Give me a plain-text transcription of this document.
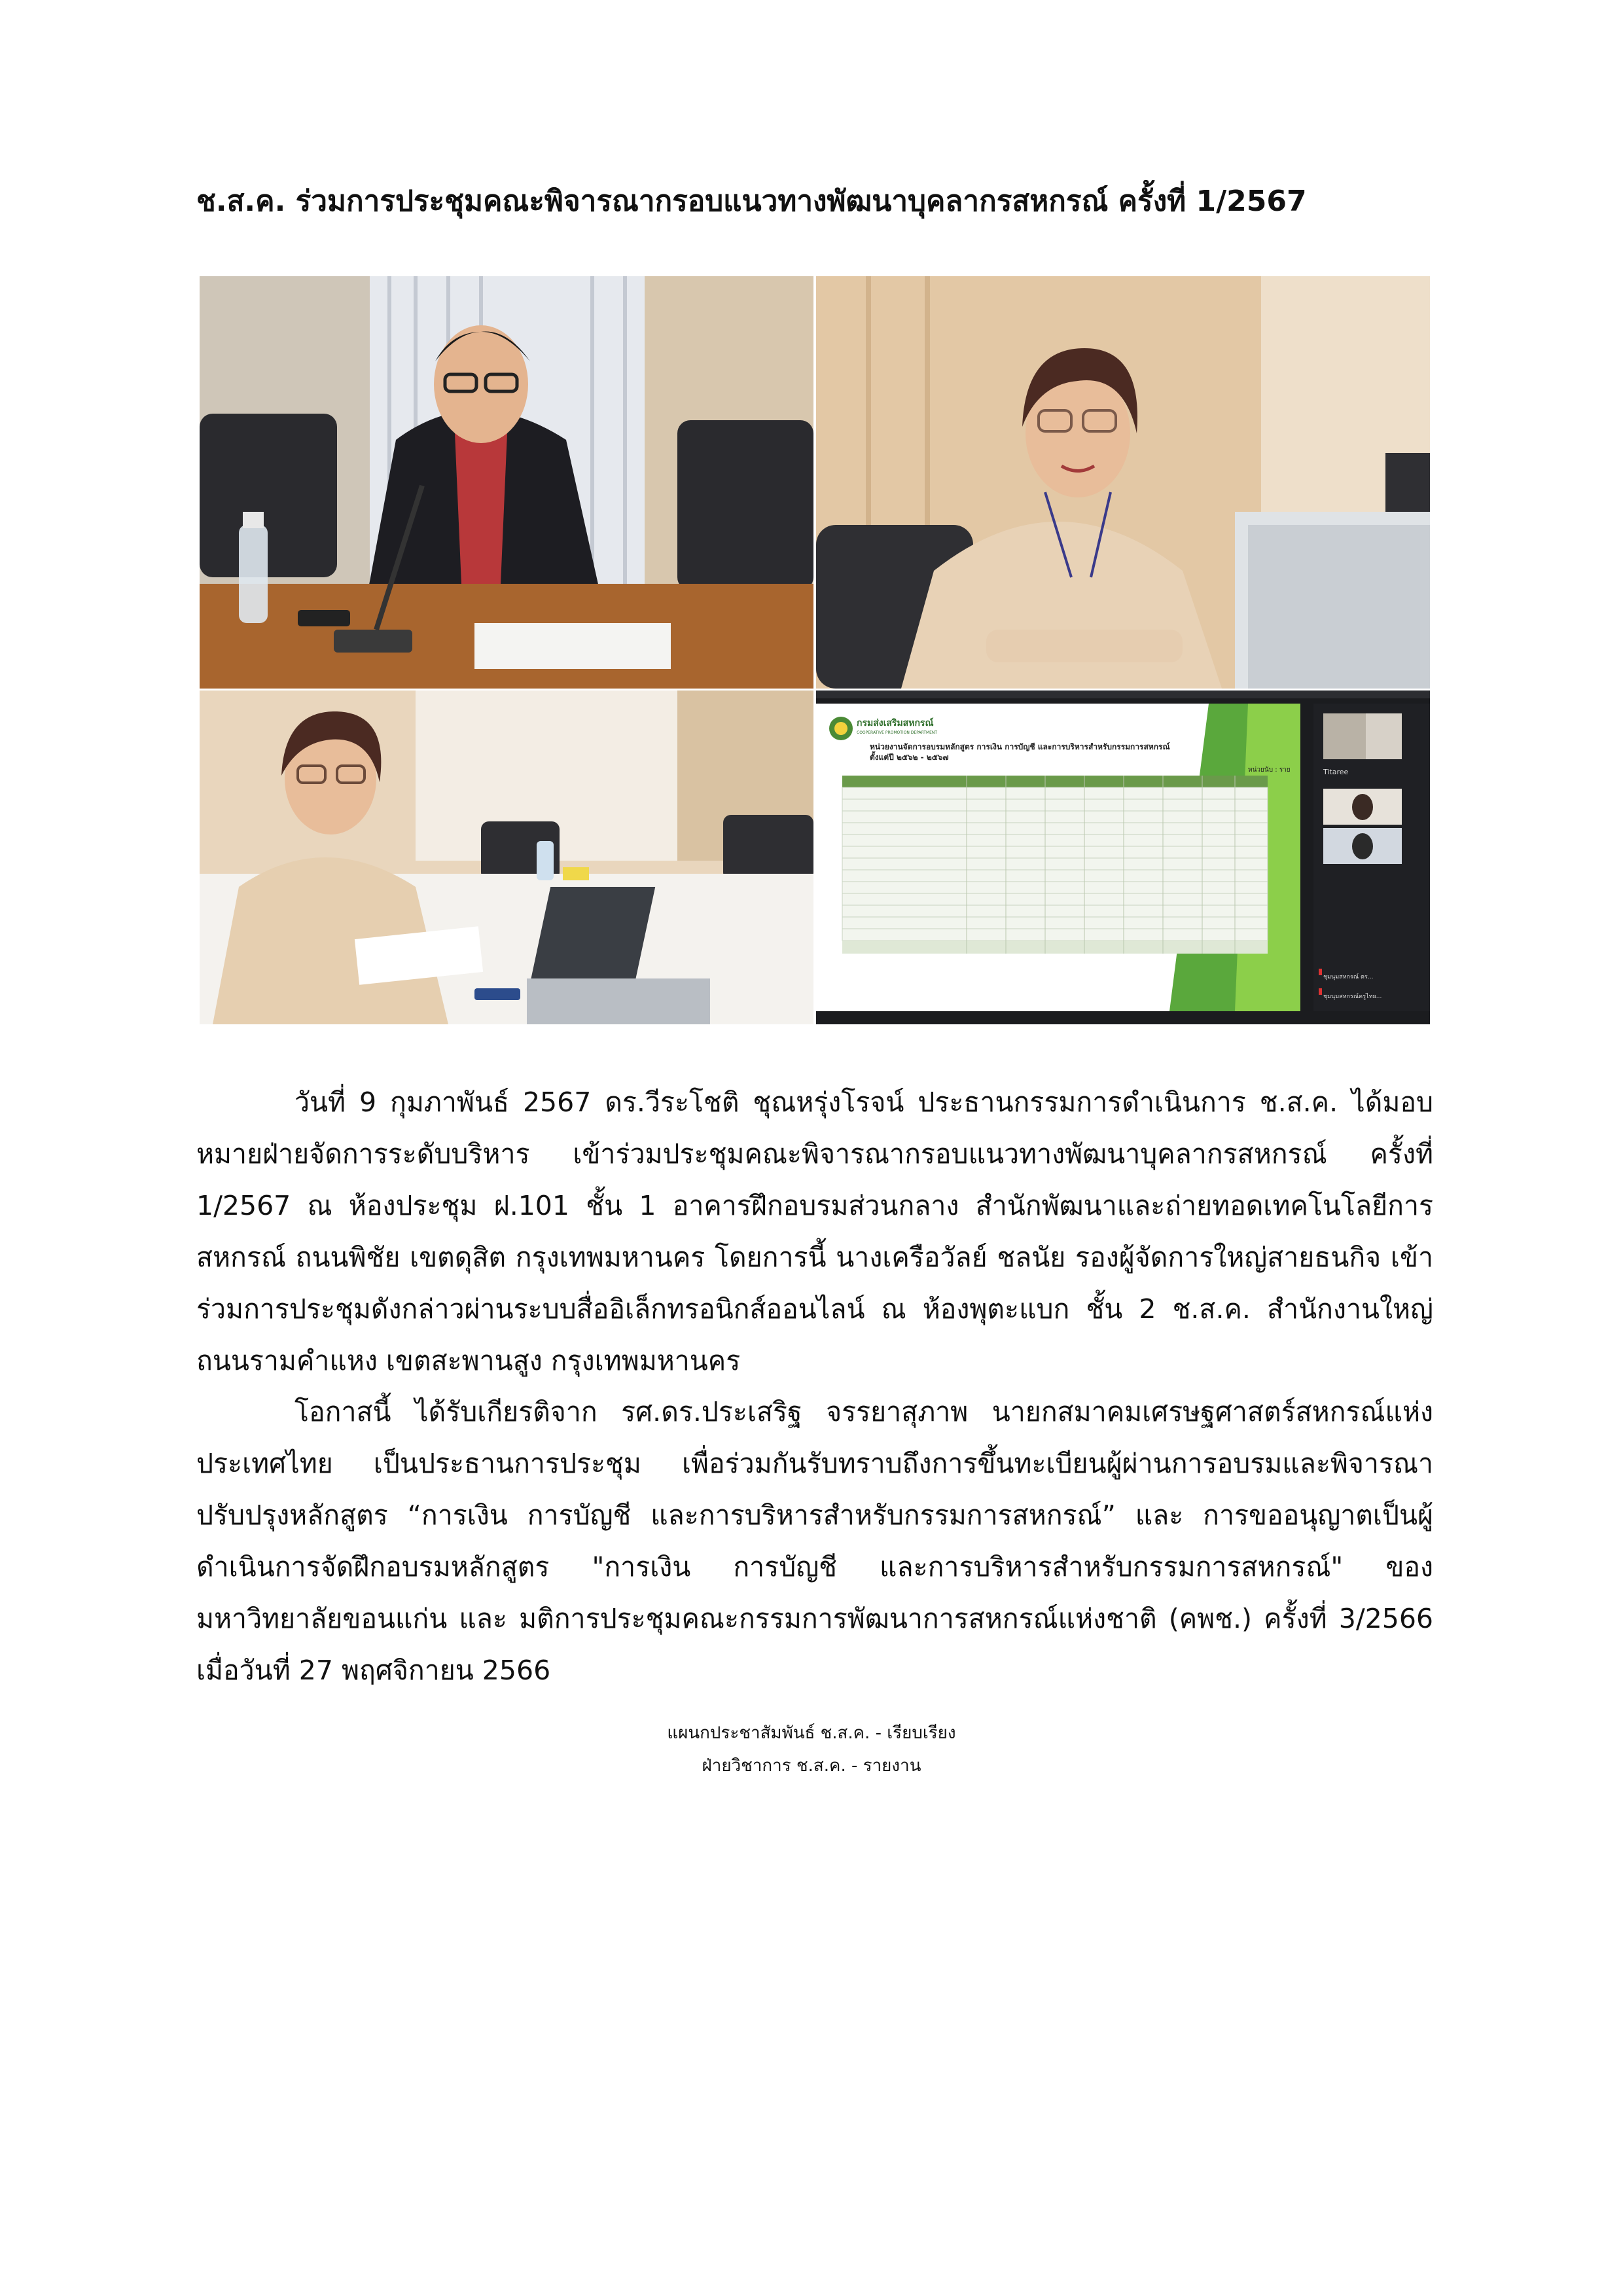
ช.ส.ค. ร่วมการประชุมคณะพิจารณากรอบแนวทางพัฒนาบุคลากรสหกรณ์ ครั้งที่ 1/2567
กรมส่งเสริมสหกรณ์
COOPERATIVE PROMOTION DEPARTMENT
หน่วยงานจัดการอบรมหลักสูตร การเงิน การบัญชี และการบริหารสำหรับกรรมการสหกรณ์
ตั้งแต่ปี ๒๕๖๒ - ๒๕๖๗
หน่วยนับ : ราย	Titaree
ชุมนุมสหกรณ์ ตร...
ชุมนุมสหกรณ์ครูไทย...

วันที่ 9 กุมภาพันธ์ 2567 ดร.วีระโชติ ชุณหรุ่งโรจน์ ประธานกรรมการดำเนินการ ช.ส.ค. ได้มอบหมายฝ่ายจัดการระดับบริหาร เข้าร่วมประชุมคณะพิจารณากรอบแนวทางพัฒนาบุคลากรสหกรณ์ ครั้งที่ 1/2567 ณ ห้องประชุม ฝ.101 ชั้น 1 อาคารฝึกอบรมส่วนกลาง สำนักพัฒนาและถ่ายทอดเทคโนโลยีการสหกรณ์ ถนนพิชัย เขตดุสิต กรุงเทพมหานคร โดยการนี้ นางเครือวัลย์ ชลนัย รองผู้จัดการใหญ่สายธนกิจ เข้าร่วมการประชุมดังกล่าวผ่านระบบสื่ออิเล็กทรอนิกส์ออนไลน์ ณ ห้องพุตะแบก ชั้น 2 ช.ส.ค. สำนักงานใหญ่ ถนนรามคำแหง เขตสะพานสูง กรุงเทพมหานคร

โอกาสนี้ ได้รับเกียรติจาก รศ.ดร.ประเสริฐ จรรยาสุภาพ นายกสมาคมเศรษฐศาสตร์สหกรณ์แห่งประเทศไทย เป็นประธานการประชุม เพื่อร่วมกันรับทราบถึงการขึ้นทะเบียนผู้ผ่านการอบรมและพิจารณาปรับปรุงหลักสูตร “การเงิน การบัญชี และการบริหารสำหรับกรรมการสหกรณ์” และ การขออนุญาตเป็นผู้ดำเนินการจัดฝึกอบรมหลักสูตร "การเงิน การบัญชี และการบริหารสำหรับกรรมการสหกรณ์" ของมหาวิทยาลัยขอนแก่น และ มติการประชุมคณะกรรมการพัฒนาการสหกรณ์แห่งชาติ (คพช.) ครั้งที่ 3/2566 เมื่อวันที่ 27 พฤศจิกายน 2566

แผนกประชาสัมพันธ์ ช.ส.ค. - เรียบเรียง
ฝ่ายวิชาการ ช.ส.ค. - รายงาน
